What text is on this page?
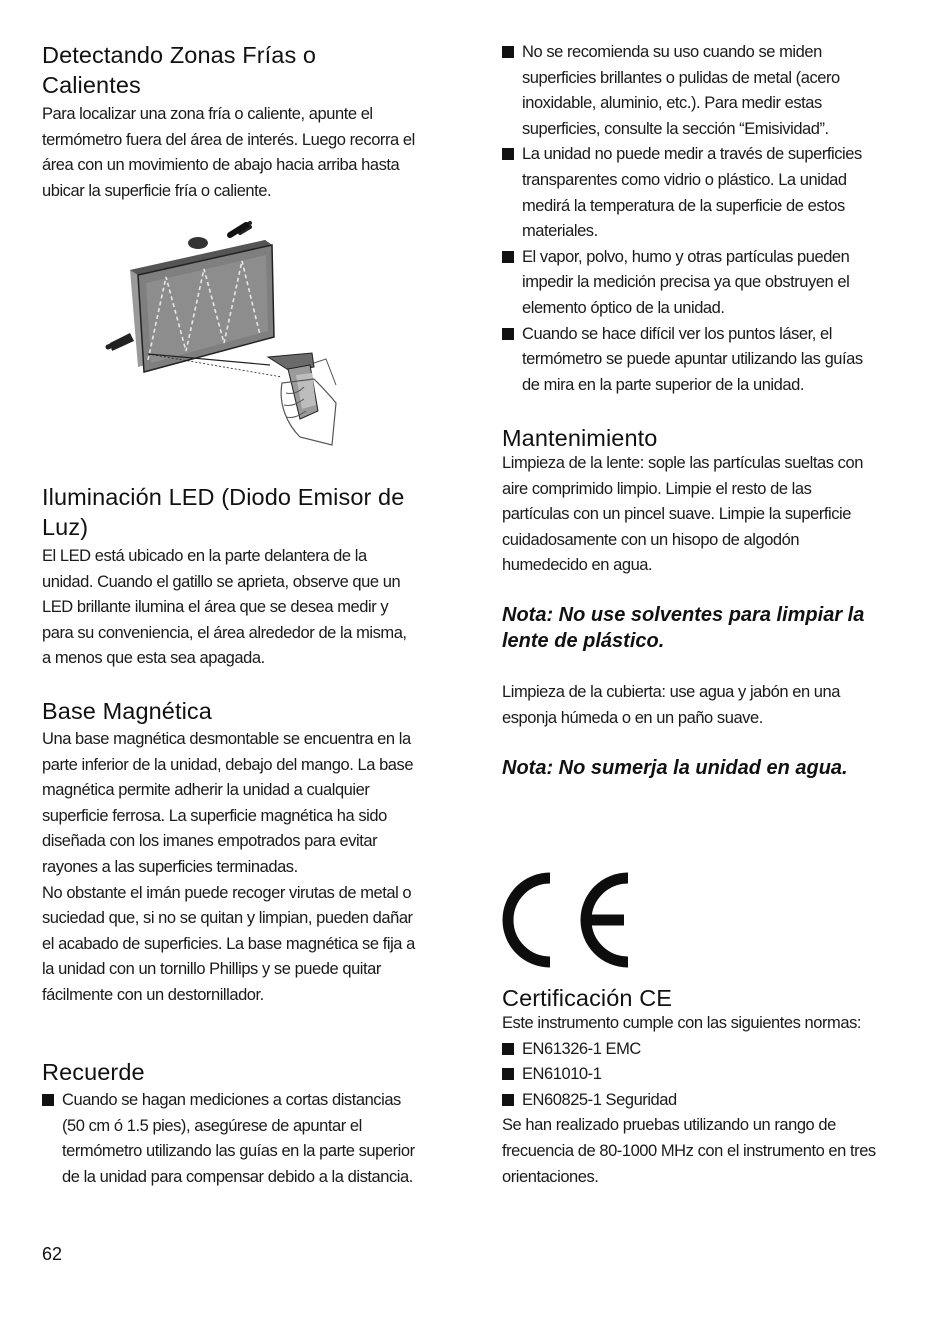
Detectando Zonas Frías o Calientes

Para localizar una zona fría o caliente, apunte el termómetro fuera del área de interés. Luego recorra el área con un movimiento de abajo hacia arriba hasta ubicar la superficie fría o caliente.

Iluminación LED (Diodo Emisor de Luz)

El LED está ubicado en la parte delantera de la unidad. Cuando el gatillo se aprieta, observe que un LED brillante ilumina el área que se desea medir y para su conveniencia, el área alrededor de la misma, a menos que esta sea apagada.

Base Magnética

Una base magnética desmontable se encuentra en la parte inferior de la unidad, debajo del mango. La base magnética permite adherir la unidad a cualquier superficie ferrosa. La superficie magnética ha sido diseñada con los imanes empotrados para evitar rayones a las superficies terminadas.

No obstante el imán puede recoger virutas de metal o suciedad que, si no se quitan y limpian, pueden dañar el acabado de superficies. La base magnética se fija a la unidad con un tornillo Phillips y se puede quitar fácilmente con un destornillador.

Recuerde
Cuando se hagan mediciones a cortas distancias (50 cm ó 1.5 pies), asegúrese de apuntar el termómetro utilizando las guías en la parte superior de la unidad para compensar debido a la distancia.
No se recomienda su uso cuando se miden superficies brillantes o pulidas de metal (acero inoxidable, aluminio, etc.). Para medir estas superficies, consulte la sección “Emisividad”.
La unidad no puede medir a través de superficies transparentes como vidrio o plástico. La unidad medirá la temperatura de la superficie de estos materiales.
El vapor, polvo, humo y otras partículas pueden impedir la medición precisa ya que obstruyen el elemento óptico de la unidad.
Cuando se hace difícil ver los puntos láser, el termómetro se puede apuntar utilizando las guías de mira en la parte superior de la unidad.
Mantenimiento

Limpieza de la lente: sople las partículas sueltas con aire comprimido limpio. Limpie el resto de las partículas con un pincel suave. Limpie la superficie cuidadosamente con un hisopo de algodón humedecido en agua.

Nota: No use solventes para limpiar la lente de plástico.

Limpieza de la cubierta: use agua y jabón en una esponja húmeda o en un paño suave.

Nota: No sumerja la unidad en agua.

Certificación CE

Este instrumento cumple con las siguientes normas:

EN61326-1 EMC
EN61010-1
EN60825-1 Seguridad

Se han realizado pruebas utilizando un rango de frecuencia de 80-1000 MHz con el instrumento en tres orientaciones.

62
